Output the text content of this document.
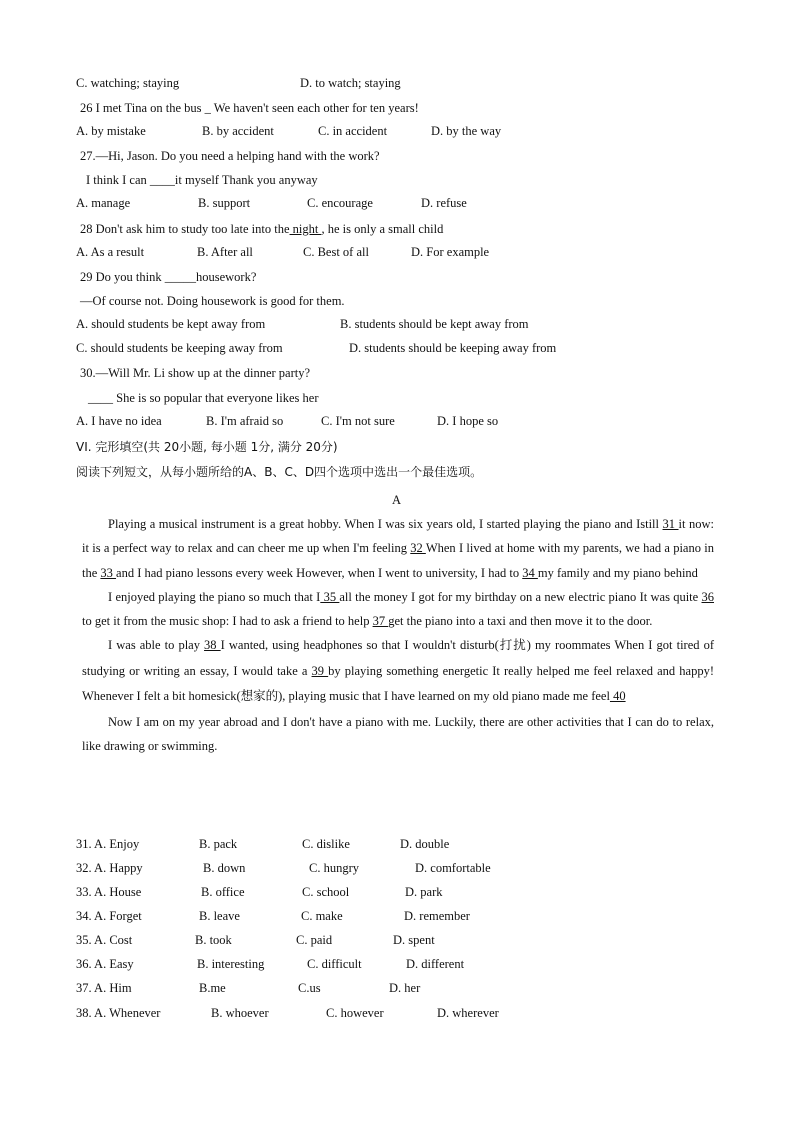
C. watching; staying	D. to watch; staying
26 I met Tina on the bus _ We haven't seen each other for ten years!
A. by mistake	B. by accident	C. in accident	D. by the way
27.—Hi, Jason. Do you need a helping hand with the work?
I think I can ____it myself Thank you anyway
A. manage	B. support	C. encourage	D. refuse
28 Don't ask him to study too late into the night , he is only a small child
A. As a result	B. After all	C. Best of all	D. For example
29 Do you think _____housework?
—Of course not. Doing housework is good for them.
A. should students be kept away from	B. students should be kept away from
C. should students be keeping away from	D. students should be keeping away from
30.—Will Mr. Li show up at the dinner party?
____ She is so popular that everyone likes her
A. I have no idea	B. I'm afraid so	C. I'm not sure	D. I hope so
VI. 完形填空(共 20小题, 每小题 1分, 满分 20分)
阅读下列短文，从每小题所给的A、B、C、D四个选项中选出一个最佳选项。
A

Playing a musical instrument is a great hobby. When I was six years old, I started playing the piano and Istill 31 it now: it is a perfect way to relax and can cheer me up when I'm feeling 32 When I lived at home with my parents, we had a piano in the 33 and I had piano lessons every week However, when I went to university, I had to 34 my family and my piano behind

I enjoyed playing the piano so much that I 35 all the money I got for my birthday on a new electric piano It was quite 36 to get it from the music shop: I had to ask a friend to help 37 get the piano into a taxi and then move it to the door.

I was able to play 38 I wanted, using headphones so that I wouldn't disturb(打扰) my roommates When I got tired of studying or writing an essay, I would take a 39 by playing something energetic It really helped me feel relaxed and happy! Whenever I felt a bit homesick(想家的), playing music that I have learned on my old piano made me feel 40

Now I am on my year abroad and I don't have a piano with me. Luckily, there are other activities that I can do to relax, like drawing or swimming.

31. A. Enjoy	B. pack	C. dislike	D. double
32. A. Happy	B. down	C. hungry	D. comfortable
33. A. House	B. office	C. school	D. park
34. A. Forget	B. leave	C. make	D. remember
35. A. Cost	B. took	C. paid	D. spent
36. A. Easy	B. interesting	C. difficult	D. different
37. A. Him	B.me	C.us	D. her
38. A. Whenever	B. whoever	C. however	D. wherever
